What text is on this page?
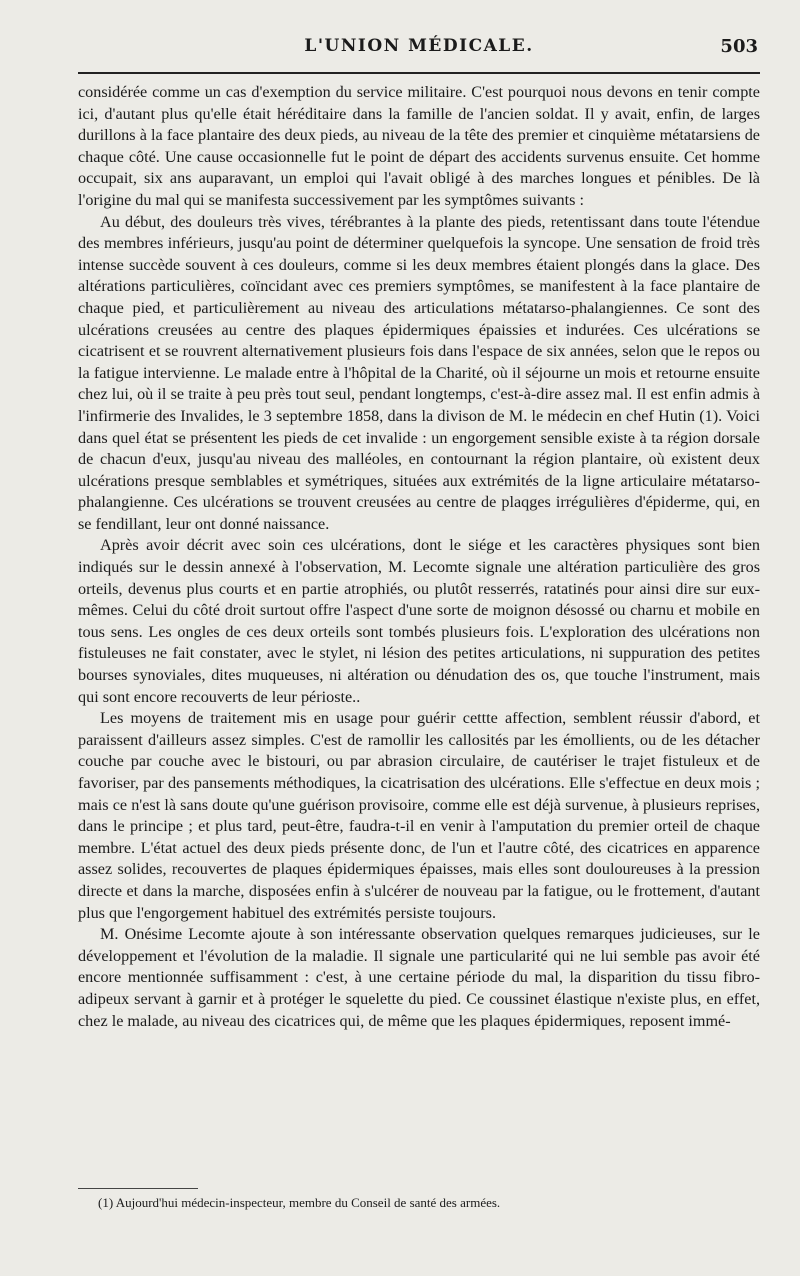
L'UNION MÉDICALE.	503

considérée comme un cas d'exemption du service militaire. C'est pourquoi nous devons en tenir compte ici, d'autant plus qu'elle était héréditaire dans la famille de l'ancien soldat. Il y avait, enfin, de larges durillons à la face plantaire des deux pieds, au niveau de la tête des premier et cinquième métatarsiens de chaque côté. Une cause occasionnelle fut le point de départ des accidents survenus ensuite. Cet homme occupait, six ans auparavant, un emploi qui l'avait obligé à des marches longues et pénibles. De là l'origine du mal qui se manifesta successivement par les symptômes suivants :

Au début, des douleurs très vives, térébrantes à la plante des pieds, retentissant dans toute l'étendue des membres inférieurs, jusqu'au point de déterminer quelquefois la syncope. Une sensation de froid très intense succède souvent à ces douleurs, comme si les deux membres étaient plongés dans la glace. Des altérations particulières, coïncidant avec ces premiers symptômes, se manifestent à la face plantaire de chaque pied, et particulièrement au niveau des articulations métatarso-phalangiennes. Ce sont des ulcérations creusées au centre des plaques épidermiques épaissies et indurées. Ces ulcérations se cicatrisent et se rouvrent alternativement plusieurs fois dans l'espace de six années, selon que le repos ou la fatigue intervienne. Le malade entre à l'hôpital de la Charité, où il séjourne un mois et retourne ensuite chez lui, où il se traite à peu près tout seul, pendant longtemps, c'est-à-dire assez mal. Il est enfin admis à l'infirmerie des Invalides, le 3 septembre 1858, dans la divison de M. le médecin en chef Hutin (1). Voici dans quel état se présentent les pieds de cet invalide : un engorgement sensible existe à ta région dorsale de chacun d'eux, jusqu'au niveau des malléoles, en contournant la région plantaire, où existent deux ulcérations presque semblables et symétriques, situées aux extrémités de la ligne articulaire métatarso-phalangienne. Ces ulcérations se trouvent creusées au centre de plaqges irrégulières d'épiderme, qui, en se fendillant, leur ont donné naissance.

Après avoir décrit avec soin ces ulcérations, dont le siége et les caractères physiques sont bien indiqués sur le dessin annexé à l'observation, M. Lecomte signale une altération particulière des gros orteils, devenus plus courts et en partie atrophiés, ou plutôt resserrés, ratatinés pour ainsi dire sur eux-mêmes. Celui du côté droit surtout offre l'aspect d'une sorte de moignon désossé ou charnu et mobile en tous sens. Les ongles de ces deux orteils sont tombés plusieurs fois. L'exploration des ulcérations non fistuleuses ne fait constater, avec le stylet, ni lésion des petites articulations, ni suppuration des petites bourses synoviales, dites muqueuses, ni altération ou dénudation des os, que touche l'instrument, mais qui sont encore recouverts de leur périoste..

Les moyens de traitement mis en usage pour guérir cettte affection, semblent réussir d'abord, et paraissent d'ailleurs assez simples. C'est de ramollir les callosités par les émollients, ou de les détacher couche par couche avec le bistouri, ou par abrasion circulaire, de cautériser le trajet fistuleux et de favoriser, par des pansements méthodiques, la cicatrisation des ulcérations. Elle s'effectue en deux mois ; mais ce n'est là sans doute qu'une guérison provisoire, comme elle est déjà survenue, à plusieurs reprises, dans le principe ; et plus tard, peut-être, faudra-t-il en venir à l'amputation du premier orteil de chaque membre. L'état actuel des deux pieds présente donc, de l'un et l'autre côté, des cicatrices en apparence assez solides, recouvertes de plaques épidermiques épaisses, mais elles sont douloureuses à la pression directe et dans la marche, disposées enfin à s'ulcérer de nouveau par la fatigue, ou le frottement, d'autant plus que l'engorgement habituel des extrémités persiste toujours.

M. Onésime Lecomte ajoute à son intéressante observation quelques remarques judicieuses, sur le développement et l'évolution de la maladie. Il signale une particularité qui ne lui semble pas avoir été encore mentionnée suffisamment : c'est, à une certaine période du mal, la disparition du tissu fibro-adipeux servant à garnir et à protéger le squelette du pied. Ce coussinet élastique n'existe plus, en effet, chez le malade, au niveau des cicatrices qui, de même que les plaques épidermiques, reposent immé-

(1) Aujourd'hui médecin-inspecteur, membre du Conseil de santé des armées.
